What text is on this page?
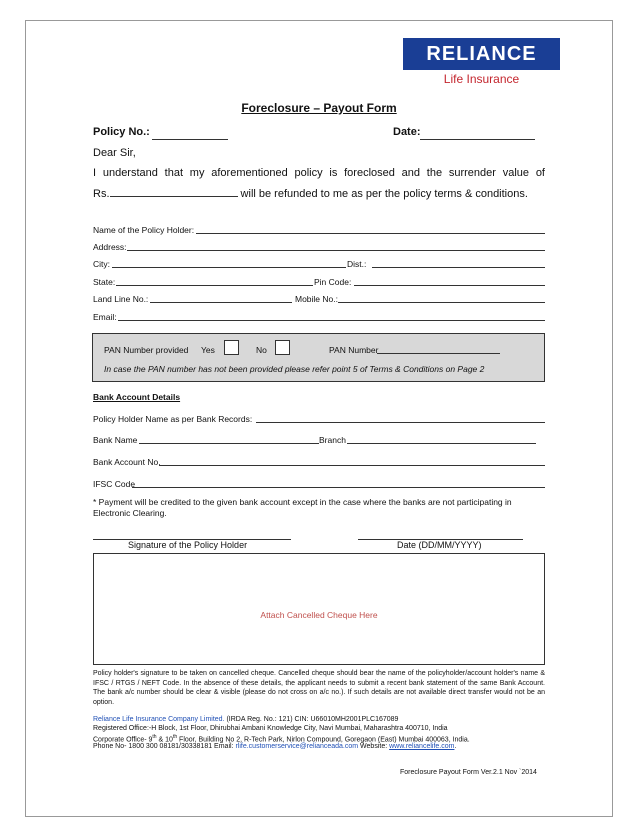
RELIANCE
Life Insurance
Foreclosure – Payout Form
Policy No.:	Date:
Dear Sir,
I understand that my aforementioned policy is foreclosed and the surrender value of
Rs.	will be refunded to me as per the policy terms & conditions.
Name of the Policy Holder:
Address:
City:	Dist.:
State:	Pin Code:
Land Line No.:	Mobile No.:
Email:
PAN Number provided Yes	No	PAN Number
In case the PAN number has not been provided please refer point 5 of Terms & Conditions on Page 2
Bank Account Details
Policy Holder Name as per Bank Records:
Bank Name	Branch
Bank Account No.
IFSC Code
* Payment will be credited to the given bank account except in the case where the banks are not participating in Electronic Clearing.
Signature of the Policy Holder	Date (DD/MM/YYYY)
Attach Cancelled Cheque Here
Policy holder's signature to be taken on cancelled cheque. Cancelled cheque should bear the name of the policyholder/account holder's name & IFSC / RTGS / NEFT Code. In the absence of these details, the applicant needs to submit a recent bank statement of the same Bank Account. The bank a/c number should be clear & visible (please do not cross on a/c no.). If such details are not available direct transfer would not be an option.
Reliance Life Insurance Company Limited. (IRDA Reg. No.: 121) CIN: U66010MH2001PLC167089
Registered Office:-H Block, 1st Floor, Dhirubhai Ambani Knowledge City, Navi Mumbai, Maharashtra 400710, India
Corporate Office- 9th & 10th Floor, Building No 2, R-Tech Park, Nirlon Compound, Goregaon (East) Mumbai 400063, India.
Phone No- 1800 300 08181/30338181 Email: rlife.customerservice@relianceada.com Website: www.reliancelife.com.
Foreclosure Payout Form Ver.2.1 Nov `2014
